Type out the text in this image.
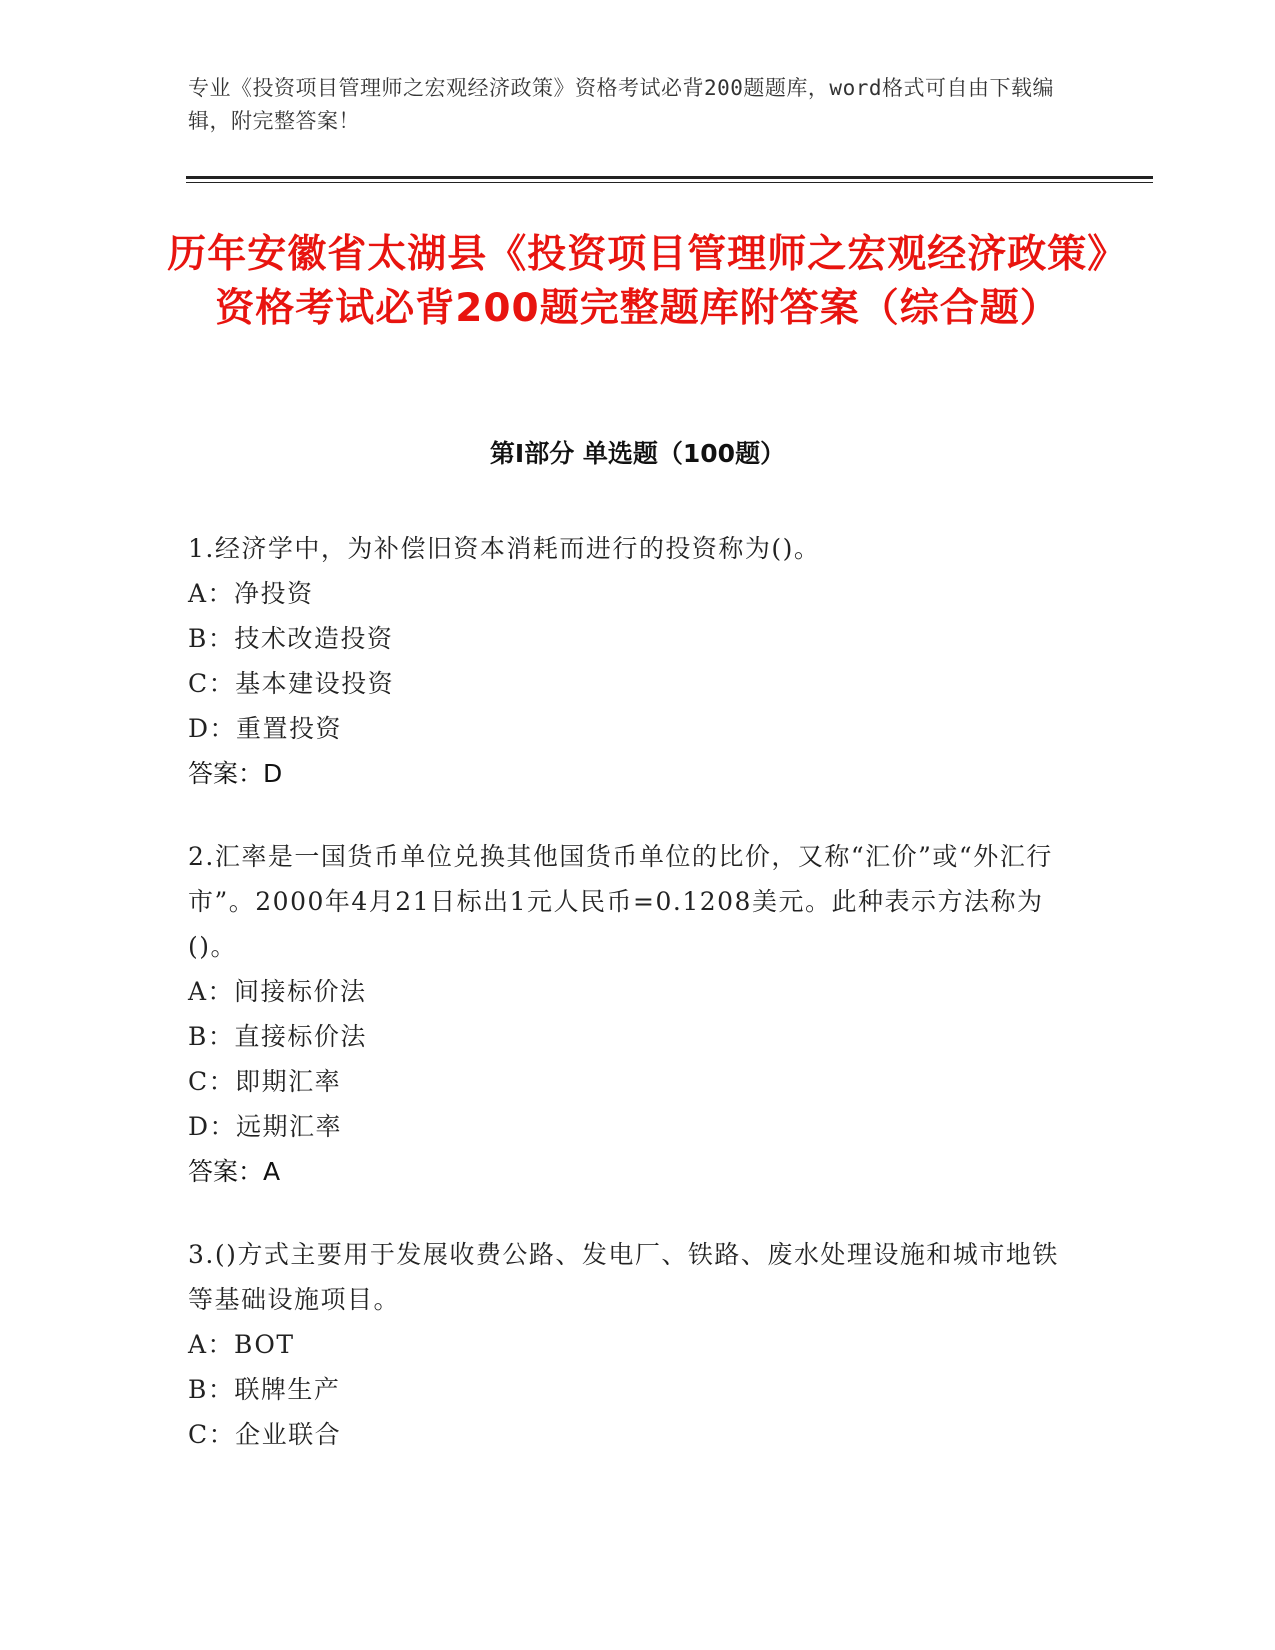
专业《投资项目管理师之宏观经济政策》资格考试必背200题题库，word格式可自由下载编辑，附完整答案！
历年安徽省太湖县《投资项目管理师之宏观经济政策》资格考试必背200题完整题库附答案（综合题）
第Ⅰ部分 单选题（100题）
1.经济学中，为补偿旧资本消耗而进行的投资称为()。
A：净投资
B：技术改造投资
C：基本建设投资
D：重置投资
答案：D
2.汇率是一国货币单位兑换其他国货币单位的比价，又称“汇价”或“外汇行市”。2000年4月21日标出1元人民币=0.1208美元。此种表示方法称为()。
A：间接标价法
B：直接标价法
C：即期汇率
D：远期汇率
答案：A
3.()方式主要用于发展收费公路、发电厂、铁路、废水处理设施和城市地铁等基础设施项目。
A：BOT
B：联牌生产
C：企业联合
